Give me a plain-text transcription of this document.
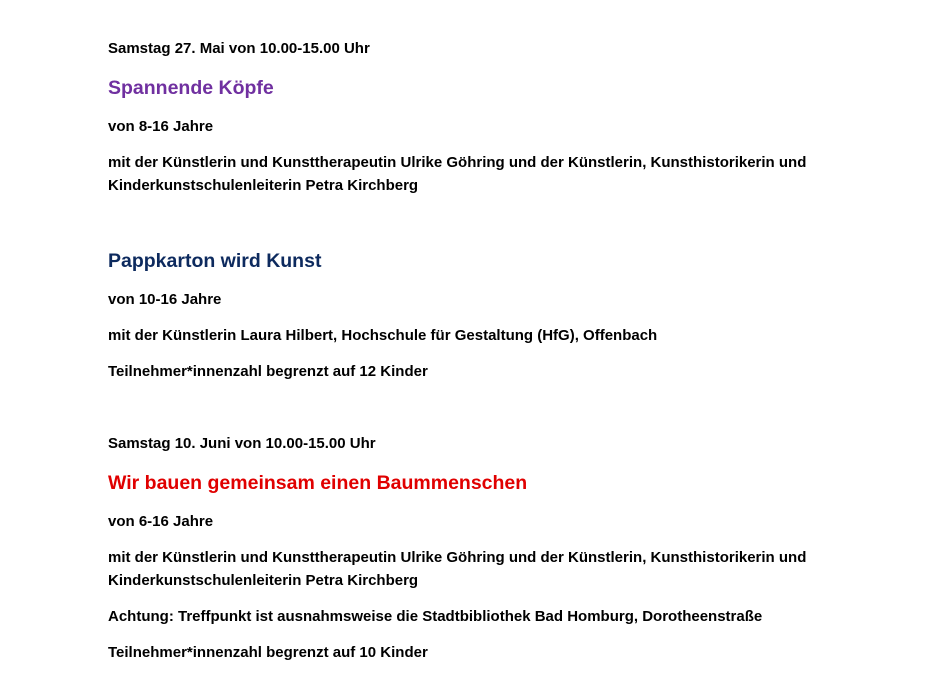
Samstag 27. Mai von 10.00-15.00 Uhr
Spannende Köpfe
von 8-16 Jahre
mit der Künstlerin und Kunsttherapeutin Ulrike Göhring und der Künstlerin, Kunsthistorikerin und Kinderkunstschulenleiterin Petra Kirchberg
Pappkarton wird Kunst
von 10-16 Jahre
mit der Künstlerin Laura Hilbert, Hochschule für Gestaltung (HfG), Offenbach
Teilnehmer*innenzahl begrenzt auf 12 Kinder
Samstag 10. Juni von 10.00-15.00 Uhr
Wir bauen gemeinsam einen Baummenschen
von 6-16 Jahre
mit der Künstlerin und Kunsttherapeutin Ulrike Göhring und der Künstlerin, Kunsthistorikerin und Kinderkunstschulenleiterin Petra Kirchberg
Achtung: Treffpunkt ist ausnahmsweise die Stadtbibliothek Bad Homburg, Dorotheenstraße
Teilnehmer*innenzahl begrenzt auf 10 Kinder
